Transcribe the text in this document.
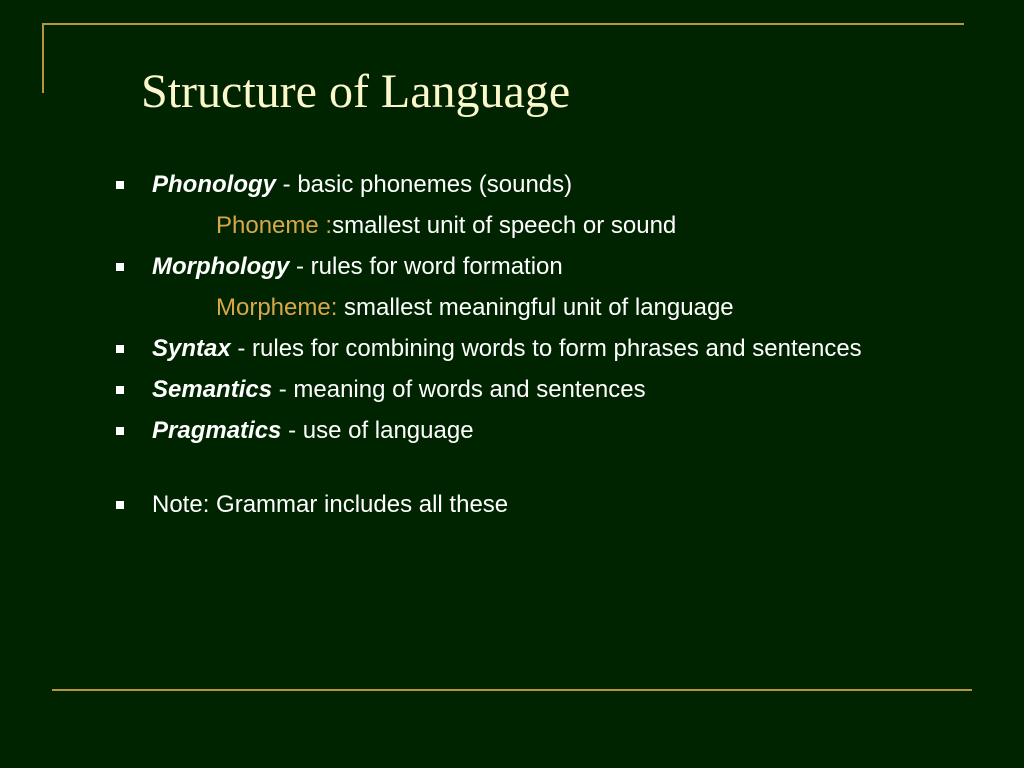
Structure of Language
Phonology - basic phonemes (sounds)
Phoneme :smallest unit of speech or sound
Morphology - rules for word formation
Morpheme: smallest meaningful unit of language
Syntax - rules for combining words to form phrases and sentences
Semantics - meaning of words and sentences
Pragmatics - use of language
Note: Grammar includes all these
